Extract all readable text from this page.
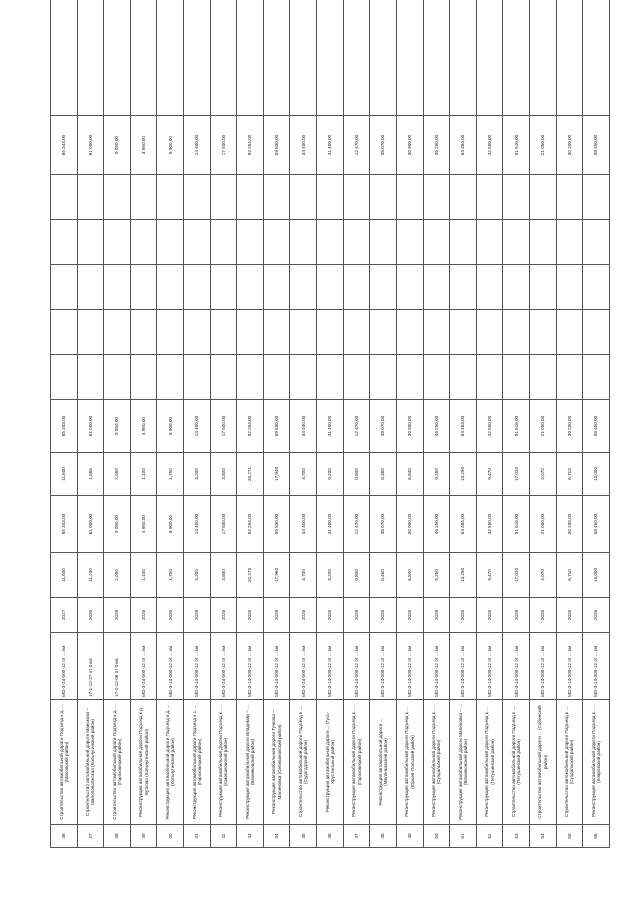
36	Строительство автомобильной дороги Подъезд к д. ... (Маловский район)	МО-3-14-000-12 от ... км	2027	11,600	65 343,00	11,600	65 343,00						65 343,00	
37	Строительство автомобильной дороги Маньково – Малоповолжская (Кольчугинский район)	17-1-12-27 от 0 км	2026	11,200	61 000,00	1,565	61 000,00						61 000,00	
38	Строительство автомобильной дороги Подъезд к д. ... (Гороховецкий район)	17-2-12-06 от 0 км	2026	2,050	9 050,00	2,050	9 050,00						9 050,00	
39	Реконструкция автомобильной дороги Подъезд к д. Бутково (Кольчугинский район)	МО-3-14-000-12 от ... км	2026	1,100	4 950,00	1,100	4 950,00						4 950,00	
40	Реконструкция автомобильной дороги Подъезд к д. ... (Кольчугинский район)	МО-3-14-000-12 от ... км	2026	1,750	8 900,00	1,750	8 900,00						8 900,00	
41	Реконструкция автомобильной дороги Подъезд к с. ... (Гороховецкий район)	МО-3-14-000-12 от ... км	2026	3,200	14 400,00	3,200	14 400,00						14 400,00	
42	Реконструкция автомобильной дороги Подъезд к ... (Камешковский район)	МО-3-14-000-12 от ... км	2026	3,800	17 500,00	3,800	17 500,00						17 500,00	
43	Реконструкция автомобильной дороги Владимир – ... (Вязниковский район)	МО-3-14-000-12 от ... км	2026	20,273	92 254,00	20,271	92 254,00						92 254,00	
44	Реконструкция автомобильной дороги Тучково – Малиновка (Селивановский район)	МО-3-14-000-12 от ... км	2026	17,960	59 830,00	17,948	59 830,00						59 830,00	
45	Строительство автомобильной дороги Подъезд к ... (Судогодский район)	МО-3-14-000-12 от ... км	2026	4,700	34 400,00	4,700	34 400,00						34 400,00	
46	Реконструкция автомобильной дороги ... (Гусь-Хрустальный район)	МО-3-14-000-12 от ... км	2026	9,200	41 400,00	9,200	41 400,00						41 400,00	
47	Реконструкция автомобильной дороги Подъезд к ... (Гороховецкий район)	МО-3-14-000-12 от ... км	2026	0,800	12 470,00	0,800	12 470,00						12 470,00	
48	Реконструкция автомобильной дороги ... (Меленковский район)	МО-3-14-000-12 от ... км	2026	8,460	38 070,00	8,460	38 070,00						38 070,00	
49	Реконструкция автомобильной дороги Подъезд к ... (Юрьев-Польский район)	МО-3-14-000-12 от ... км	2026	6,840	30 900,00	6,840	30 900,00						30 900,00	
50	Реконструкция автомобильной дороги Подъезд к ... (Суздальский район)	МО-3-14-000-12 от ... км	2026	9,250	46 250,00	9,250	46 250,00						46 250,00	
51	Реконструкция автомобильной дороги Малиновка – ... (Вязниковский район)	МО-3-14-000-12 от ... км	2026	13,290	64 464,00	13,290	64 464,00						64 464,00	
52	Реконструкция автомобильной дороги Подъезд к ... (Петушинский район)	МО-3-14-000-12 от ... км	2026	9,470	42 550,00	9,470	42 550,00						42 550,00	
53	Строительство автомобильной дороги Подъезд к ... (Петушинский район)	МО-3-14-000-12 от ... км	2026	17,020	91 516,00	17,020	91 516,00						91 516,00	
54	Строительство автомобильной дороги ... (Собинский район)	МО-3-14-000-12 от ... км	2026	4,070	21 050,00	4,070	21 050,00						21 050,00	
55	Строительство автомобильной дороги Подъезд к ... (Суздальский район)	МО-3-14-000-12 от ... км	2026	6,710	30 200,00	6,710	30 200,00						30 200,00	
56	Реконструкция автомобильной дороги Подъезд к ... (Ковровский район)	МО-3-14-000-12 от ... км	2026	13,000	58 450,00	13,000	58 450,00						58 450,00	
